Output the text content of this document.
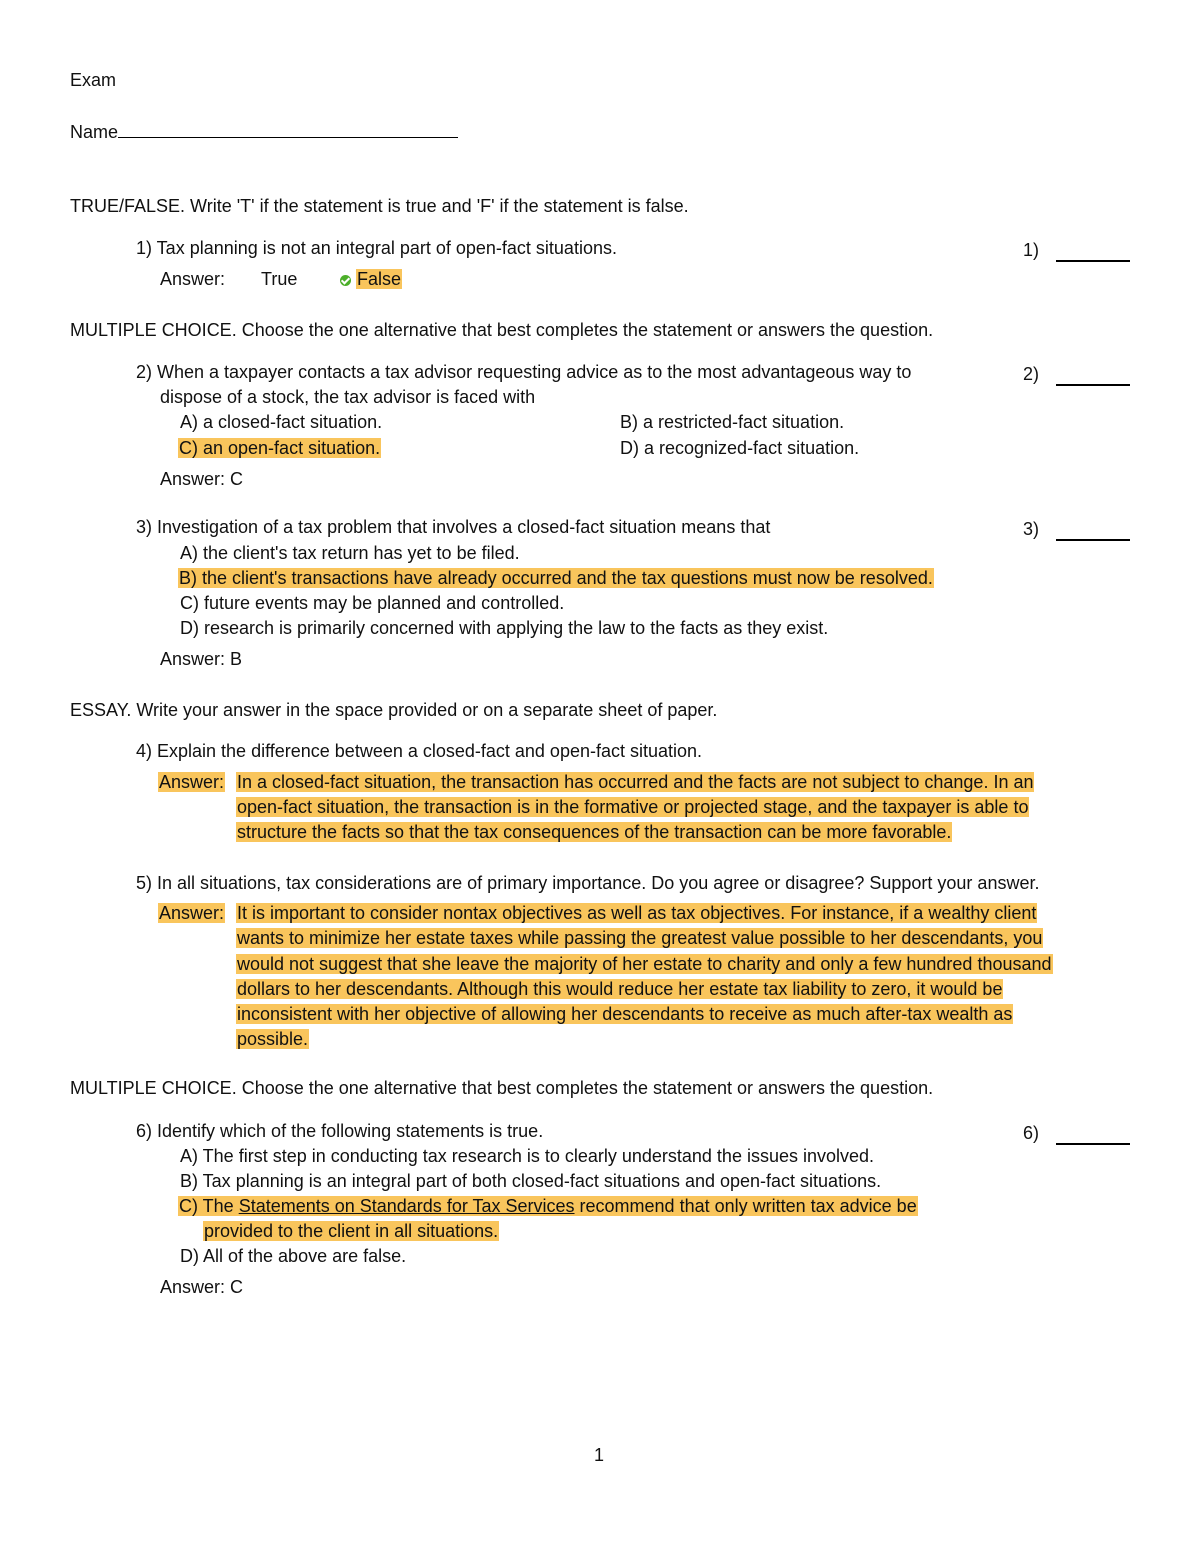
Exam
Name
TRUE/FALSE. Write 'T' if the statement is true and 'F' if the statement is false.
1) Tax planning is not an integral part of open-fact situations.	1)
Answer: True	False
MULTIPLE CHOICE. Choose the one alternative that best completes the statement or answers the question.
2) When a taxpayer contacts a tax advisor requesting advice as to the most advantageous way to	2)
dispose of a stock, the tax advisor is faced with
A) a closed-fact situation.	B) a restricted-fact situation.
C) an open-fact situation.	D) a recognized-fact situation.
Answer: C
3) Investigation of a tax problem that involves a closed-fact situation means that	3)
A) the client's tax return has yet to be filed.
B) the client's transactions have already occurred and the tax questions must now be resolved.
C) future events may be planned and controlled.
D) research is primarily concerned with applying the law to the facts as they exist.
Answer: B
ESSAY. Write your answer in the space provided or on a separate sheet of paper.
4) Explain the difference between a closed-fact and open-fact situation.
Answer: In a closed-fact situation, the transaction has occurred and the facts are not subject to change. In an
open-fact situation, the transaction is in the formative or projected stage, and the taxpayer is able to
structure the facts so that the tax consequences of the transaction can be more favorable.
5) In all situations, tax considerations are of primary importance. Do you agree or disagree? Support your answer.
Answer: It is important to consider nontax objectives as well as tax objectives. For instance, if a wealthy client
wants to minimize her estate taxes while passing the greatest value possible to her descendants, you
would not suggest that she leave the majority of her estate to charity and only a few hundred thousand
dollars to her descendants. Although this would reduce her estate tax liability to zero, it would be
inconsistent with her objective of allowing her descendants to receive as much after-tax wealth as
possible.
MULTIPLE CHOICE. Choose the one alternative that best completes the statement or answers the question.
6) Identify which of the following statements is true.	6)
A) The first step in conducting tax research is to clearly understand the issues involved.
B) Tax planning is an integral part of both closed-fact situations and open-fact situations.
C) The Statements on Standards for Tax Services recommend that only written tax advice be
provided to the client in all situations.
D) All of the above are false.
Answer: C
1
